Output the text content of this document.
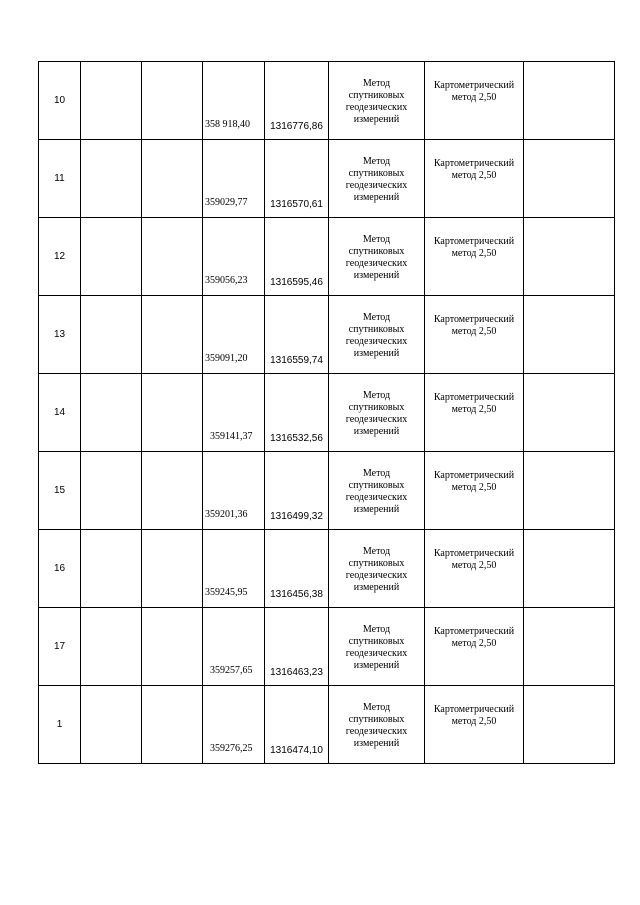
10			358 918,40	1316776,86	Метод
спутниковых
геодезических
измерений	Картометрический
метод 2,50	

11			359029,77	1316570,61	Метод
спутниковых
геодезических
измерений	Картометрический
метод 2,50	

12			359056,23	1316595,46	Метод
спутниковых
геодезических
измерений	Картометрический
метод 2,50	

13			359091,20	1316559,74	Метод
спутниковых
геодезических
измерений	Картометрический
метод 2,50	

14			359141,37	1316532,56	Метод
спутниковых
геодезических
измерений	Картометрический
метод 2,50	

15			359201,36	1316499,32	Метод
спутниковых
геодезических
измерений	Картометрический
метод 2,50	

16			359245,95	1316456,38	Метод
спутниковых
геодезических
измерений	Картометрический
метод 2,50	

17			359257,65	1316463,23	Метод
спутниковых
геодезических
измерений	Картометрический
метод 2,50	

1			359276,25	1316474,10	Метод
спутниковых
геодезических
измерений	Картометрический
метод 2,50	
